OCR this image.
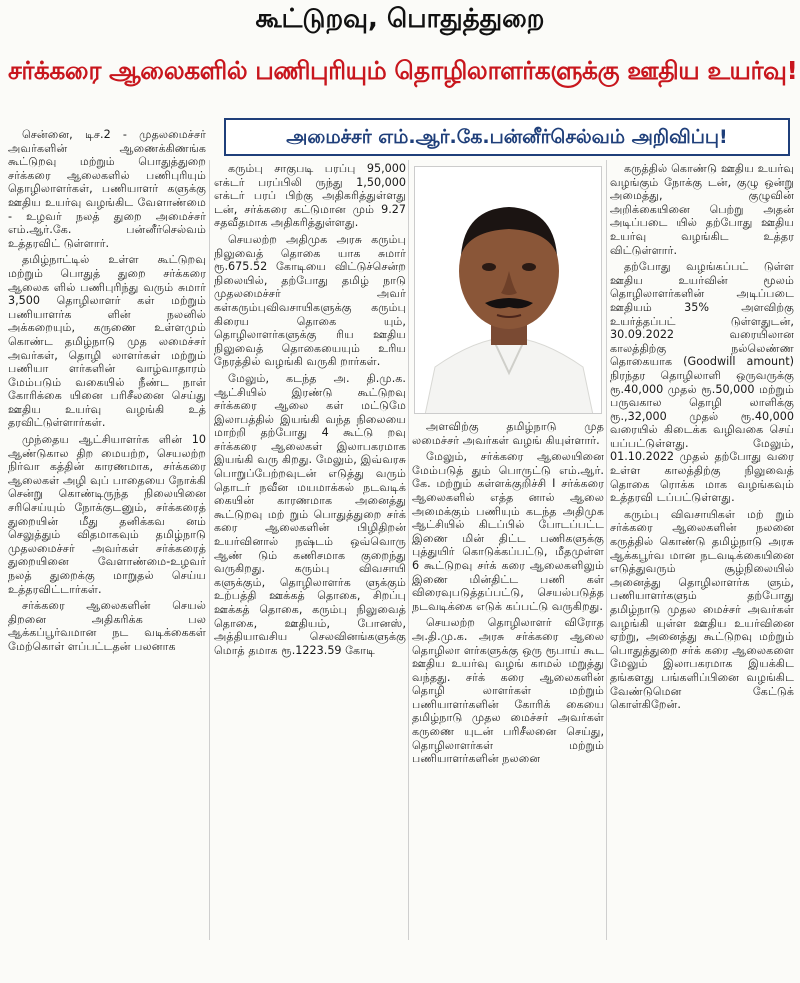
கூட்டுறவு, பொதுத்துறை
சர்க்கரை ஆலைகளில் பணிபுரியும் தொழிலாளர்களுக்கு ஊதிய உயர்வு!
அமைச்சர் எம்.ஆர்.கே.பன்னீர்செல்வம் அறிவிப்பு!

சென்னை, டிச.2 - முதலமைச்சர் அவர்களின் ஆணைக்கிணங்க கூட்டுறவு மற்றும் பொதுத்துறை சர்க்கரை ஆலைகளில் பணிபுரியும் தொழிலாளர்கள், பணியாளர் களுக்கு ஊதிய உயர்வு வழங்கிட வேளாண்மை - உழவர் நலத் துறை அமைச்சர் எம்.ஆர்.கே. பன்னீர்செல்வம் உத்தரவிட் டுள்ளார்.

தமிழ்நாட்டில் உள்ள கூட்டுறவு மற்றும் பொதுத் துறை சர்க்கரை ஆலைக ளில் பணிபுரிந்து வரும் சுமார் 3,500 தொழிலாளர் கள் மற்றும் பணியாளர்க ளின் நலனில் அக்கறையும், கருணை உள்ளமும் கொண்ட தமிழ்நாடு முத லமைச்சர் அவர்கள், தொழி லாளர்கள் மற்றும் பணியா ளர்களின் வாழ்வாதாரம் மேம்படும் வகையில் நீண்ட நாள் கோரிக்கை யினை பரிசீலனை செய்து ஊதிய உயர்வு வழங்கி உத் தரவிட்டுள்ளார்கள்.

முந்தைய ஆட்சியாளர்க ளின் 10 ஆண்டுகால திற மையற்ற, செயலற்ற நிர்வா கத்தின் காரணமாக, சர்க்கரை ஆலைகள் அழி வுப் பாதையை நோக்கி சென்று கொண்டிருந்த நிலையினை சரிசெய்யும் நோக்குடனும், சர்க்கரைத் துறையின் மீது தனிக்கவ னம் செலுத்தும் விதமாகவும் தமிழ்நாடு முதலமைச்சர் அவர்கள் சர்க்கரைத் துறையினை வேளாண்மை-உழவர் நலத் துறைக்கு மாறுதல் செய்ய உத்தரவிட்டார்கள்.

சர்க்கரை ஆலைகளின் செயல் திறனை அதிகரிக்க பல ஆக்கப்பூர்வமான நட வடிக்கைகள் மேற்கொள் ளப்பட்டதன் பலனாக

கரும்பு சாகுபடி பரப்பு 95,000 எக்டர் பரப்பிலி ருந்து 1,50,000 எக்டர் பரப் பிற்கு அதிகரித்துள்ளது டன், சர்க்கரை கட்டுமான மும் 9.27 சதவீதமாக அதிகரித்துள்ளது.

செயலற்ற அதிமுக அரசு கரும்பு நிலுவைத் தொகை யாக சுமார் ரூ.675.52 கோடியை விட்டுச்சென்ற நிலையில், தற்போது தமிழ் நாடு முதலமைச்சர் அவர் கள்கரும்புவிவசாயிகளுக்கு கரும்பு கிரைய தொகை யும், தொழிலாளர்களுக்கு ரிய ஊதிய நிலுவைத் தொகையையும் உரிய நேரத்தில் வழங்கி வருகி றார்கள்.

மேலும், கடந்த அ. தி.மு.க. ஆட்சியில் இரண்டு கூட்டுறவு சர்க்கரை ஆலை கள் மட்டுமே இலாபத்தில் இயங்கி வந்த நிலையை மாற்றி தற்போது 4 கூட்டு றவு சர்க்கரை ஆலைகள் இலாபகரமாக இயங்கி வரு கிறது. மேலும், இவ்வரசு பொறுப்பேற்றவுடன் எடுத்து வரும் தொடர் நவீன மயமாக்கல் நடவடிக் கையின் காரணமாக அனைத்து கூட்டுறவு மற் றும் பொதுத்துறை சர்க் கரை ஆலைகளின் பிழிதிறன் உயர்வினால் நஷ்டம் ஒவ்வொரு ஆண் டும் கணிசமாக குறைந்து வருகிறது. கரும்பு விவசாயி களுக்கும், தொழிலாளர்க ளுக்கும் உற்பத்தி ஊக்கத் தொகை, சிறப்பு ஊக்கத் தொகை, கரும்பு நிலுவைத் தொகை, ஊதியம், போனஸ், அத்தியாவசிய செலவினங்களுக்கு மொத் தமாக ரூ.1223.59 கோடி

அளவிற்கு தமிழ்நாடு முத லமைச்சர் அவர்கள் வழங் கியுள்ளார்.

மேலும், சர்க்கரை ஆலையினை மேம்படுத் தும் பொருட்டு எம்.ஆர். கே. மற்றும் கள்ளக்குறிச்சி I சர்க்கரை ஆலைகளில் எத்த னால் ஆலை அமைக்கும் பணியும் கடந்த அதிமுக ஆட்சியில் கிடப்பில் போடப்பட்ட இணை மின் திட்ட பணிகளுக்கு புத்துயிர் கொடுக்கப்பட்டு, மீதமுள்ள 6 கூட்டுறவு சர்க் கரை ஆலைகளிலும் இணை மின்திட்ட பணி கள் விரைவுபடுத்தப்பட்டு, செயல்படுத்த நடவடிக்கை எடுக் கப்பட்டு வருகிறது.

செயலற்ற தொழிலாளர் விரோத அ.தி.மு.க. அரசு சர்க்கரை ஆலை தொழிலா ளர்களுக்கு ஒரு ரூபாய் கூட ஊதிய உயர்வு வழங் காமல் மறுத்து வந்தது. சர்க் கரை ஆலைகளின் தொழி லாளர்கள் மற்றும் பணியாளர்களின் கோரிக் கையை தமிழ்நாடு முதல மைச்சர் அவர்கள் கருணை யுடன் பரிசீலனை செய்து, தொழிலாளர்கள் மற்றும் பணியாளர்களின் நலனை

கருத்தில் கொண்டு ஊதிய உயர்வு வழங்கும் நோக்கு டன், குழு ஒன்று அமைத்து, குழுவின் அறிக்கையினை பெற்று அதன் அடிப்படை யில் தற்போது ஊதிய உயர்வு வழங்கிட உத்தர விட்டுள்ளார்.

தற்போது வழங்கப்பட் டுள்ள ஊதிய உயர்வின் மூலம் தொழிலாளர்களின் அடிப்படை ஊதியம் 35% அளவிற்கு உயர்த்தப்பட் டுள்ளதுடன், 30.09.2022 வரையிலான காலத்திற்கு நல்லெண்ண தொகையாக (Goodwill amount) நிரந்தர தொழிலாளி ஒருவருக்கு ரூ.40,000 முதல் ரூ.50,000 மற்றும் பருவகால தொழி லாளிக்கு ரூ.,32,000 முதல் ரூ.40,000 வரையில் கிடைக்க வழிவகை செய் யப்பட்டுள்ளது. மேலும், 01.10.2022 முதல் தற்போது வரை உள்ள காலத்திற்கு நிலுவைத் தொகை ரொக்க மாக வழங்கவும் உத்தரவி டப்பட்டுள்ளது.

கரும்பு விவசாயிகள் மற் றும் சர்க்கரை ஆலைகளின் நலனை கருத்தில் கொண்டு தமிழ்நாடு அரசு ஆக்கபூர்வ மான நடவடிக்கையினை எடுத்துவரும் சூழ்நிலையில் அனைத்து தொழிலாளர்க ளும், பணியாளர்களும் தற்போது தமிழ்நாடு முதல மைச்சர் அவர்கள் வழங்கி யுள்ள ஊதிய உயர்வினை ஏற்று, அனைத்து கூட்டுறவு மற்றும் பொதுத்துறை சர்க் கரை ஆலைகளை மேலும் இலாபகரமாக இயக்கிட தங்களது பங்களிப்பினை வழங்கிட வேண்டுமென கேட்டுக் கொள்கிறேன்.
